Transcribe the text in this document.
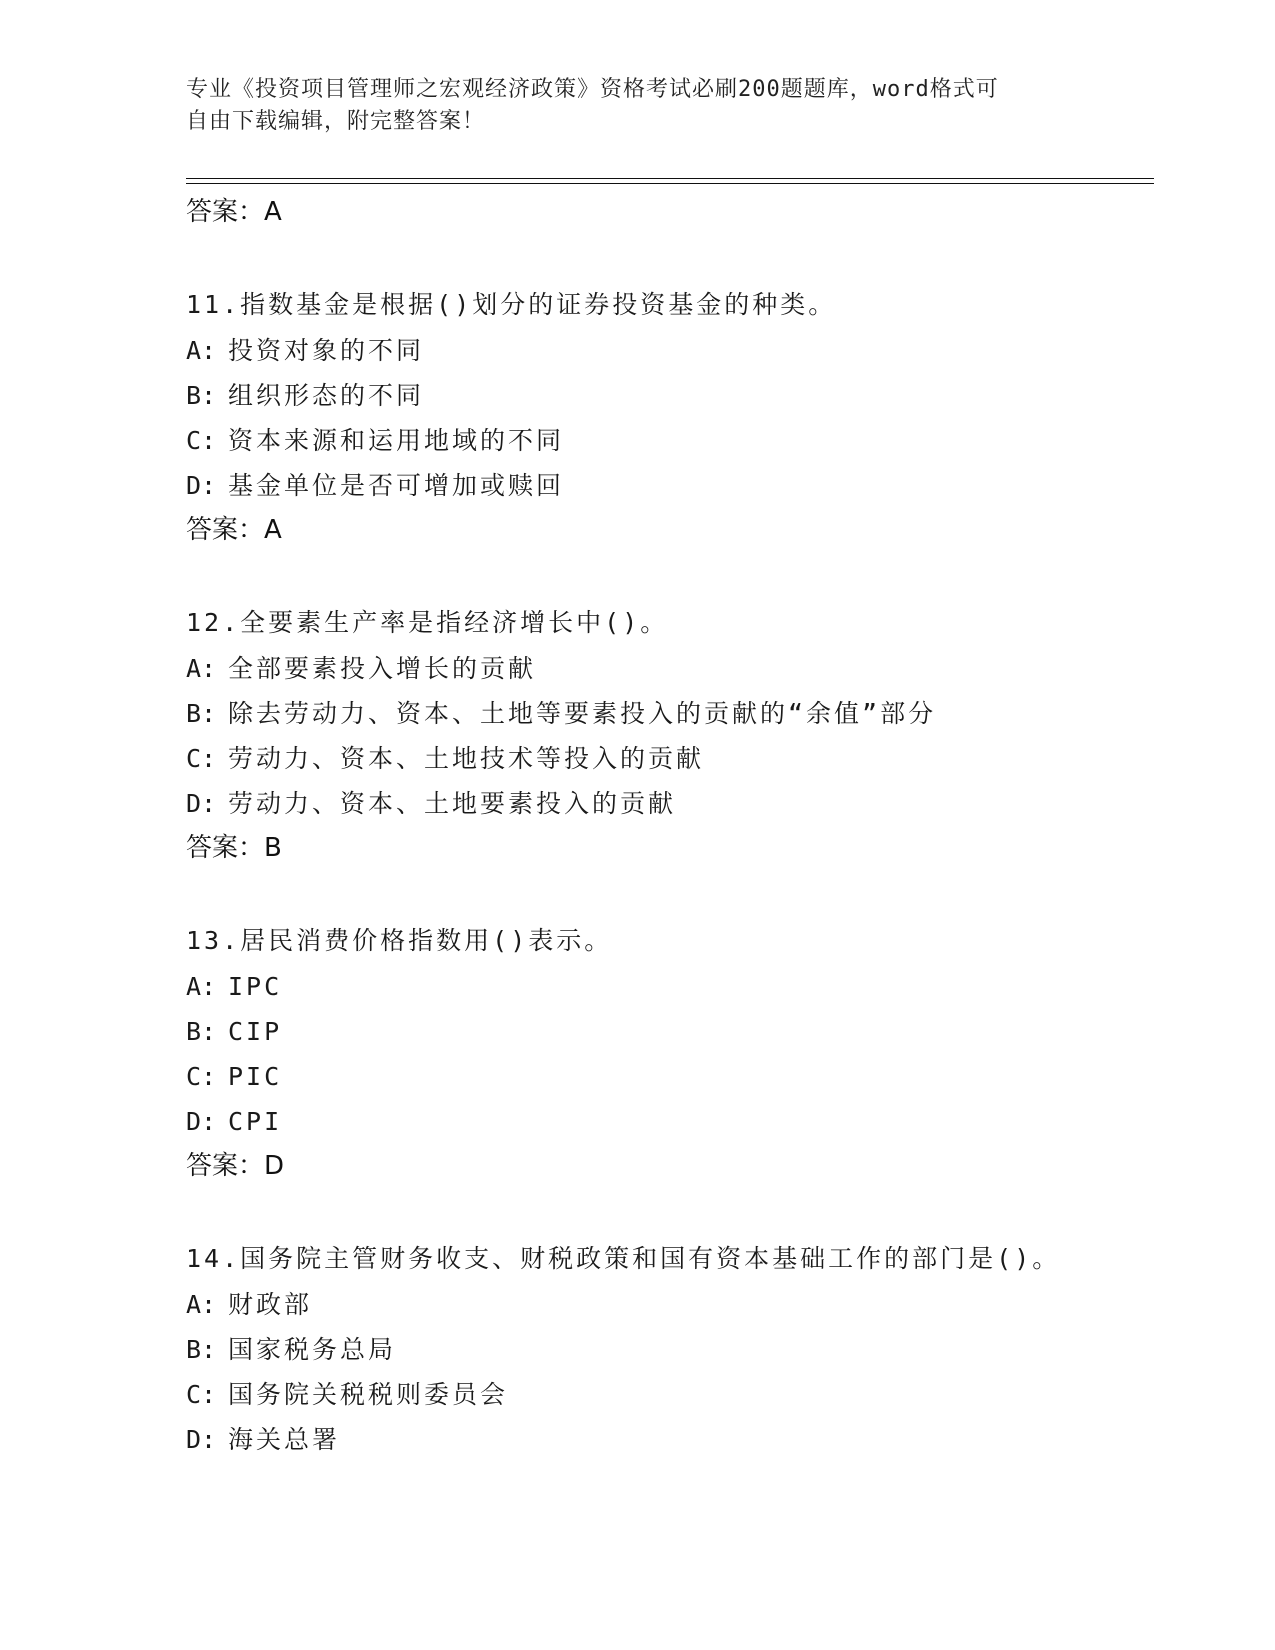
专业《投资项目管理师之宏观经济政策》资格考试必刷200题题库，word格式可
自由下载编辑，附完整答案！
答案：A
11.指数基金是根据()划分的证券投资基金的种类。
A: 投资对象的不同
B: 组织形态的不同
C: 资本来源和运用地域的不同
D: 基金单位是否可增加或赎回
答案：A
12.全要素生产率是指经济增长中()。
A: 全部要素投入增长的贡献
B: 除去劳动力、资本、土地等要素投入的贡献的“余值”部分
C: 劳动力、资本、土地技术等投入的贡献
D: 劳动力、资本、土地要素投入的贡献
答案：B
13.居民消费价格指数用()表示。
A: IPC
B: CIP
C: PIC
D: CPI
答案：D
14.国务院主管财务收支、财税政策和国有资本基础工作的部门是()。
A: 财政部
B: 国家税务总局
C: 国务院关税税则委员会
D: 海关总署
